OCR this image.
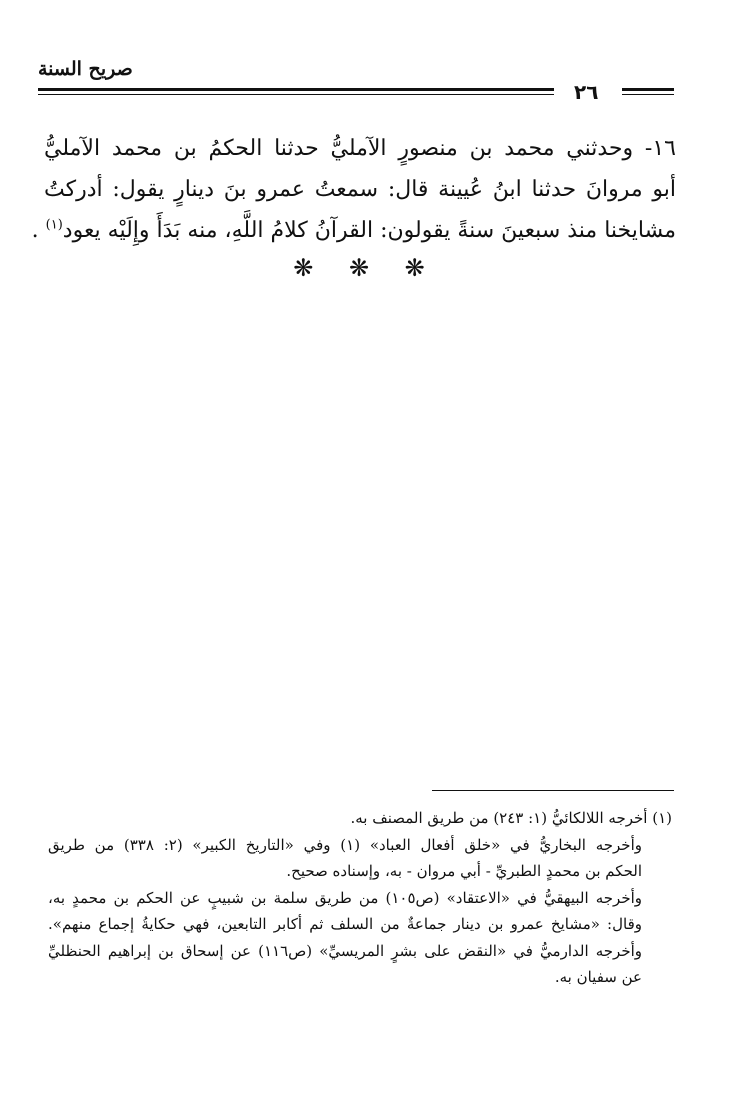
صريح السنة
٢٦
١٦- وحدثني محمد بن منصورٍ الآمليُّ حدثنا الحكمُ بن محمد الآمليُّ
أبو مروانَ حدثنا ابنُ عُيينة قال: سمعتُ عمرو بنَ دينارٍ يقول: أدركتُ
مشايخنا منذ سبعينَ سنةً يقولون: القرآنُ كلامُ اللَّهِ، منه بَدَأَ وإِلَيْه يعود$^{(١)}$ .
❋ ❋ ❋
(١) أخرجه اللالكائيُّ (١: ٢٤٣) من طريق المصنف به.
وأخرجه البخاريُّ في «خلق أفعال العباد» (١) وفي «التاريخ الكبير» (٢: ٣٣٨) من طريق
الحكم بن محمدٍ الطبريِّ - أبي مروان - به، وإسناده صحيح.
وأخرجه البيهقيُّ في «الاعتقاد» (ص١٠٥) من طريق سلمة بن شبيبٍ عن الحكم بن محمدٍ به،
وقال: «مشايخ عمرو بن دينار جماعةٌ من السلف ثم أكابر التابعين، فهي حكايةُ إجماع منهم».
وأخرجه الدارميُّ في «النقض على بشرٍ المريسيِّ» (ص١١٦) عن إسحاق بن إبراهيم الحنظليِّ
عن سفيان به.
